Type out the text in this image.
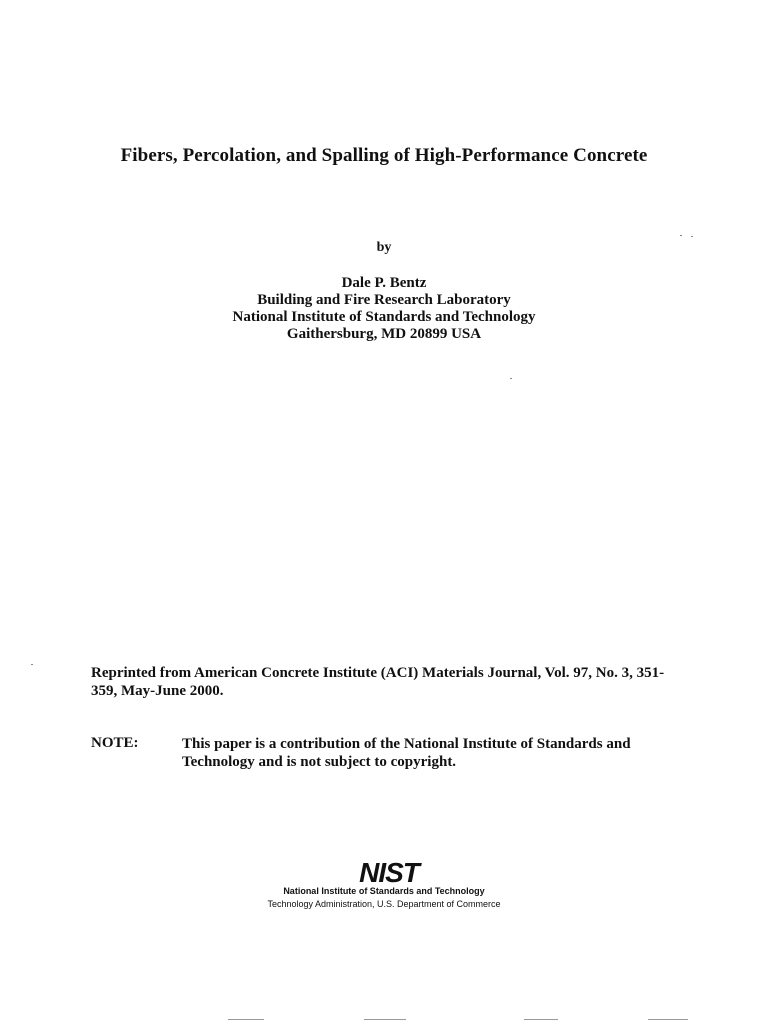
Fibers, Percolation, and Spalling of High-Performance Concrete
by
Dale P. Bentz
Building and Fire Research Laboratory
National Institute of Standards and Technology
Gaithersburg, MD 20899 USA
Reprinted from American Concrete Institute (ACI) Materials Journal, Vol. 97, No. 3, 351-359, May-June 2000.
NOTE:	This paper is a contribution of the National Institute of Standards and Technology and is not subject to copyright.
NIST
National Institute of Standards and Technology
Technology Administration, U.S. Department of Commerce
